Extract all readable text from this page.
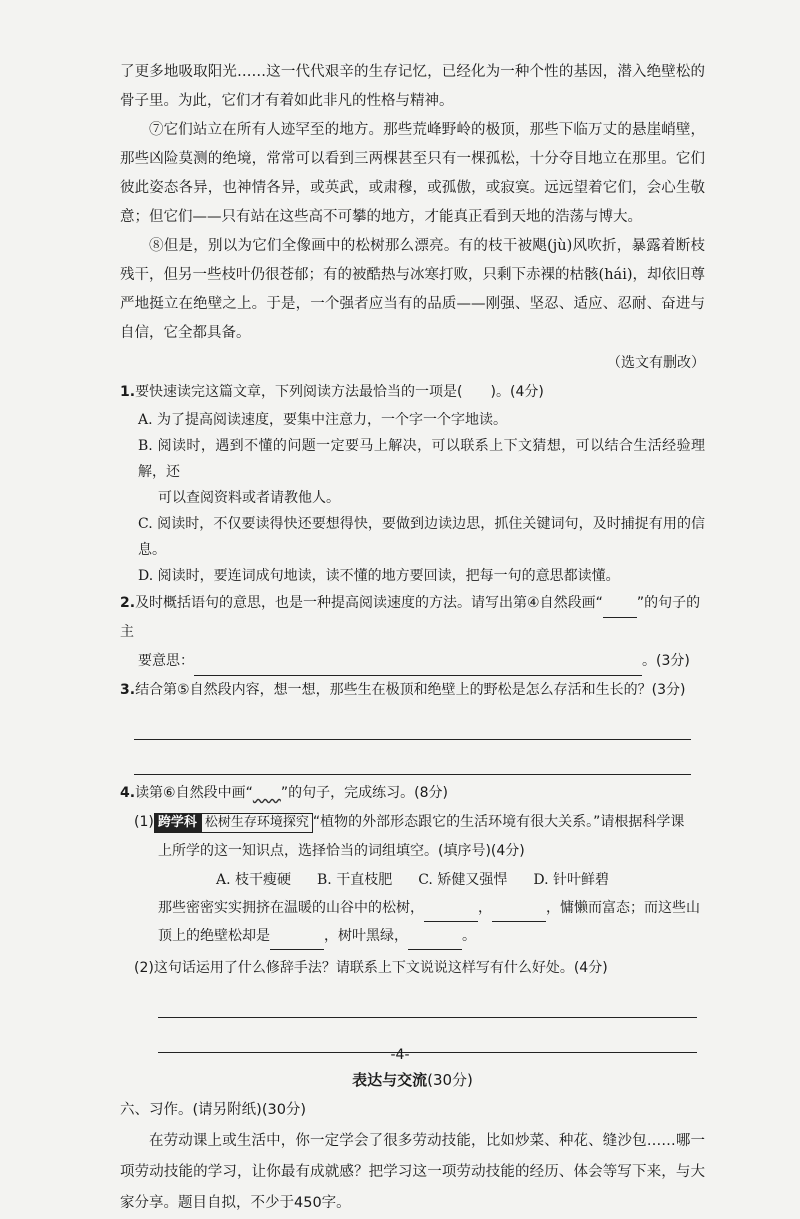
了更多地吸取阳光……这一代代艰辛的生存记忆，已经化为一种个性的基因，潜入绝壁松的骨子里。为此，它们才有着如此非凡的性格与精神。

⑦它们站立在所有人迹罕至的地方。那些荒峰野岭的极顶，那些下临万丈的悬崖峭壁，那些凶险莫测的绝境，常常可以看到三两棵甚至只有一棵孤松，十分夺目地立在那里。它们彼此姿态各异，也神情各异，或英武，或肃穆，或孤傲，或寂寞。远远望着它们，会心生敬意；但它们——只有站在这些高不可攀的地方，才能真正看到天地的浩荡与博大。

⑧但是，别以为它们全像画中的松树那么漂亮。有的枝干被飓(jù)风吹折，暴露着断枝残干，但另一些枝叶仍很苍郁；有的被酷热与冰寒打败，只剩下赤裸的枯骸(hái)，却依旧尊严地挺立在绝壁之上。于是，一个强者应当有的品质——刚强、坚忍、适应、忍耐、奋进与自信，它全都具备。

（选文有删改）

1.要快速读完这篇文章，下列阅读方法最恰当的一项是(　　)。(4分)

A. 为了提高阅读速度，要集中注意力，一个字一个字地读。

B. 阅读时，遇到不懂的问题一定要马上解决，可以联系上下文猜想，可以结合生活经验理解，还

可以查阅资料或者请教他人。

C. 阅读时，不仅要读得快还要想得快，要做到边读边思，抓住关键词句，及时捕捉有用的信息。

D. 阅读时，要连词成句地读，读不懂的地方要回读，把每一句的意思都读懂。

2.及时概括语句的意思，也是一种提高阅读速度的方法。请写出第④自然段画“ ”的句子的主

要意思：	。(3分)

3.结合第⑤自然段内容，想一想，那些生在极顶和绝壁上的野松是怎么存活和生长的？(3分)

4.读第⑥自然段中画“　　 ”的句子，完成练习。(8分)

(1) 跨学科 松树生存环境探究 “植物的外部形态跟它的生活环境有很大关系。”请根据科学课

上所学的这一知识点，选择恰当的词组填空。(填序号)(4分)

A. 枝干瘦硬 B. 干直枝肥 C. 矫健又强悍 D. 针叶鲜碧

那些密密实实拥挤在温暖的山谷中的松树，	，	，慵懒而富态；而这些山

顶上的绝壁松却是	，树叶黑绿，	。

(2)这句话运用了什么修辞手法？请联系上下文说说这样写有什么好处。(4分)

表达与交流(30分)

六、习作。(请另附纸)(30分)

在劳动课上或生活中，你一定学会了很多劳动技能，比如炒菜、种花、缝沙包……哪一项劳动技能的学习，让你最有成就感？把学习这一项劳动技能的经历、体会等写下来，与大家分享。题目自拟，不少于450字。

-4-
